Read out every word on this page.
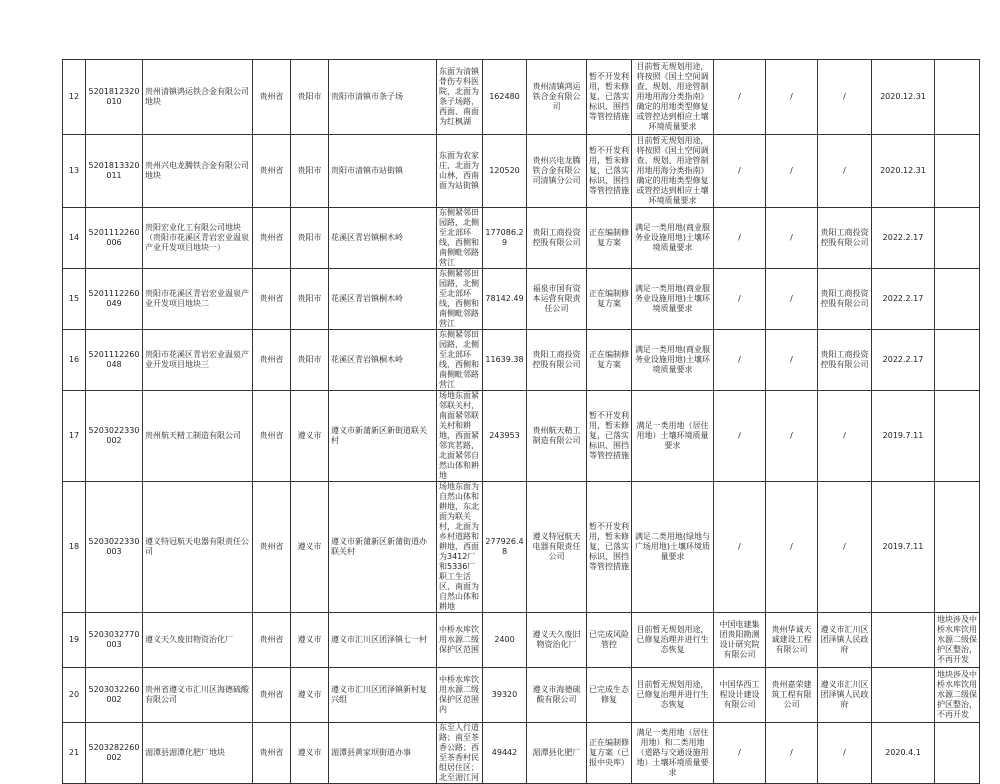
12	5201812320010	贵州清镇鸿运铁合金有限公司地块	贵州省	贵阳市	贵阳市清镇市条子场	东面为清镇骨伤专科医院，北面为条子场路，西面、南面为红枫湖	162480	贵州清镇鸿运铁合金有限公司	暂不开发利用，暂未修复，已落实标识、围挡等管控措施	目前暂无规划用途，将按照《国土空间调查、规划、用途管制用地用海分类指南》确定的用地类型修复或管控达到相应土壤环境质量要求	/	/	/	2020.12.31	
13	5201813320011	贵州兴电龙腾铁合金有限公司地块	贵州省	贵阳市	贵阳市清镇市站街镇	东面为农家庄，北面为山林，西南面为站街镇	120520	贵州兴电龙腾铁合金有限公司清镇分公司	暂不开发利用，暂未修复，已落实标识、围挡等管控措施	目前暂无规划用途，将按照《国土空间调查、规划、用途管制用地用海分类指南》确定的用地类型修复或管控达到相应土壤环境质量要求	/	/	/	2020.12.31	
14	5201112260006	贵阳宏业化工有限公司地块（贵阳市花溪区青岩宏业温泉产业开发项目地块一）	贵州省	贵阳市	花溪区青岩镇桐木岭	东侧紧邻田园路，北侧至北部环线，西侧和南侧毗邻路营江	177086.29	贵阳工商投资控股有限公司	正在编制修复方案	满足一类用地(商业服务业设施用地)土壤环境质量要求	/	/	贵阳工商投资控股有限公司	2022.2.17	
15	5201112260049	贵阳市花溪区青岩宏业温泉产业开发项目地块二	贵州省	贵阳市	花溪区青岩镇桐木岭	东侧紧邻田园路，北侧至北部环线，西侧和南侧毗邻路营江	78142.49	福泉市国有资本运营有限责任公司	正在编制修复方案	满足一类用地(商业服务业设施用地)土壤环境质量要求	/	/	贵阳工商投资控股有限公司	2022.2.17	
16	5201112260048	贵阳市花溪区青岩宏业温泉产业开发项目地块三	贵州省	贵阳市	花溪区青岩镇桐木岭	东侧紧邻田园路，北侧至北部环线，西侧和南侧毗邻路营江	11639.38	贵阳工商投资控股有限公司	正在编制修复方案	满足一类用地(商业服务业设施用地)土壤环境质量要求	/	/	贵阳工商投资控股有限公司	2022.2.17	
17	5203022330002	贵州航天精工制造有限公司	贵州省	遵义市	遵义市新蒲新区新街道联关村	场地东面紧邻联关村，南面紧邻联关村和耕地，西面紧邻宾茗路，北面紧邻自然山体和耕地	243953	贵州航天精工制造有限公司	暂不开发利用，暂未修复，已落实标识、围挡等管控措施	满足一类用地（居住用地）土壤环境质量要求	/	/	/	2019.7.11	
18	5203022330003	遵义特冠航天电器有限责任公司	贵州省	遵义市	遵义市新蒲新区新蒲街道办联关村	场地东面为自然山体和耕地，东北面为联关村，北面为乡村道路和耕地，西面为3412厂和5336厂职工生活区，南面为自然山体和耕地	277926.48	遵义特冠航天电器有限责任公司	暂不开发利用，暂未修复，已落实标识、围挡等管控措施	满足二类用地(绿地与广场用地)土壤环境质量要求	/	/	/	2019.7.11	
19	5203032770003	遵义天久废旧物资治化厂	贵州省	遵义市	遵义市汇川区团泽镇七一村	中桥水库饮用水源二级保护区范围	2400	遵义天久废旧物资治化厂	已完成风险管控	目前暂无规划用途，已修复治理并进行生态恢复	中国电建集团贵阳勘测设计研究院有限公司	贵州华诚天诚建设工程有限公司	遵义市汇川区团泽镇人民政府		地块涉及中桥水库饮用水源二级保护区整治，不再开发
20	5203032260002	贵州省遵义市汇川区海德硫酸有限公司	贵州省	遵义市	遵义市汇川区团泽镇新村复兴组	中桥水库饮用水源二级保护区范围内	39320	遵义市海德硫酸有限公司	已完成生态修复	目前暂无规划用途，已修复治理并进行生态恢复	中国华西工程设计建设有限公司	贵州嘉荣建筑工程有限公司	遵义市汇川区团泽镇人民政府		地块涉及中桥水库饮用水源二级保护区整治，不再开发
21	5203282260002	湄潭县湄潭化肥厂地块	贵州省	遵义市	湄潭县黄家坝街道办事	东至人行道路；南至茶香公路；西至茶香村民组居住区；北至湄江河	49442	湄潭县化肥厂	正在编制修复方案（已报中央库）	满足一类用地（居住用地）和二类用地（道路与交通设施用地）土壤环境质量要求	/	/	/	2020.4.1	
